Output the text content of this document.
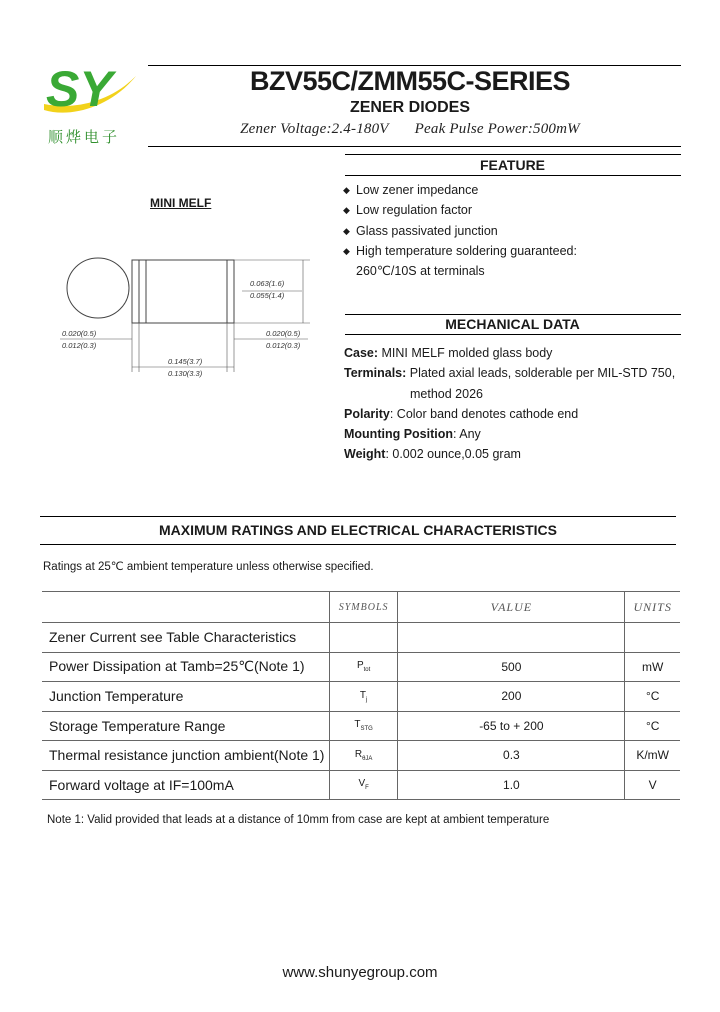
SY
顺烨电子
BZV55C/ZMM55C-SERIES
ZENER DIODES
Zener Voltage:2.4-180V Peak Pulse Power:500mW
FEATURE
◆ Low zener impedance
◆ Low regulation factor
◆ Glass passivated junction
◆ High temperature soldering guaranteed:
260℃/10S at terminals
MECHANICAL DATA
Case: MINI MELF molded glass body
Terminals: Plated axial leads, solderable per MIL-STD 750,
method 2026
Polarity: Color band denotes cathode end
Mounting Position: Any
Weight: 0.002 ounce,0.05 gram
MINI MELF
0.063(1.6)
0.055(1.4)
0.020(0.5)
0.012(0.3)
0.020(0.5)
0.012(0.3)
0.145(3.7)
0.130(3.3)
MAXIMUM RATINGS AND ELECTRICAL CHARACTERISTICS
Ratings at 25℃ ambient temperature unless otherwise specified.
	SYMBOLS	VALUE	UNITS
Zener Current see Table Characteristics			
Power Dissipation at Tamb=25℃(Note 1)	$P_{tot}$	500	mW
Junction Temperature	$T_j$	200	°C
Storage Temperature Range	$T_{STG}$	-65 to + 200	°C
Thermal resistance junction ambient(Note 1)	$R_{\theta JA}$	0.3	K/mW
Forward voltage at IF=100mA	$V_F$	1.0	V
Note 1: Valid provided that leads at a distance of 10mm from case are kept at ambient temperature
www.shunyegroup.com
